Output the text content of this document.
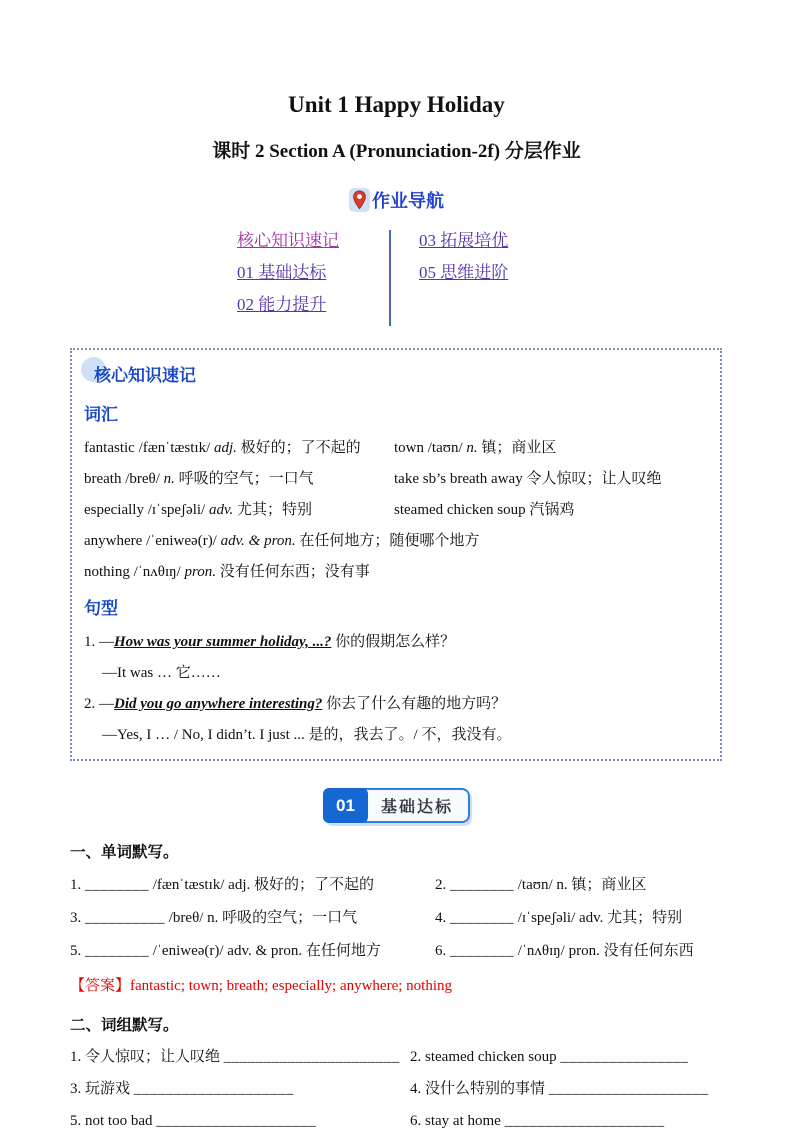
Unit 1 Happy Holiday
课时 2 Section A (Pronunciation-2f) 分层作业
作业导航
核心知识速记
01 基础达标
02 能力提升
03 拓展培优
05 思维进阶
核心知识速记
词汇
fantastic /fænˈtæstɪk/ adj. 极好的；了不起的	town /taʊn/ n. 镇；商业区
breath /breθ/ n. 呼吸的空气；一口气	take sb’s breath away 令人惊叹；让人叹绝
especially /ɪˈspeʃəli/ adv. 尤其；特别	steamed chicken soup 汽锅鸡
anywhere /ˈeniweə(r)/ adv. & pron. 在任何地方；随便哪个地方
nothing /ˈnʌθɪŋ/ pron. 没有任何东西；没有事
句型
1. —How was your summer holiday, ...? 你的假期怎么样？
—It was … 它……
2. —Did you go anywhere interesting? 你去了什么有趣的地方吗？
—Yes, I … / No, I didn’t. I just ... 是的，我去了。/ 不，我没有。
01	基础达标
一、单词默写。
1. ________ /fænˈtæstɪk/ adj. 极好的；了不起的	2. ________ /taʊn/ n. 镇；商业区
3. __________ /breθ/ n. 呼吸的空气；一口气	4. ________ /ɪˈspeʃəli/ adv. 尤其；特别
5. ________ /ˈeniweə(r)/ adv. & pron. 在任何地方	6. ________ /ˈnʌθɪŋ/ pron. 没有任何东西
【答案】fantastic; town; breath; especially; anywhere; nothing
二、词组默写。
1. 令人惊叹；让人叹绝 ______________________ 2. steamed chicken soup ________________
3. 玩游戏 ____________________	4. 没什么特别的事情 ____________________
5. not too bad ____________________	6. stay at home ____________________
